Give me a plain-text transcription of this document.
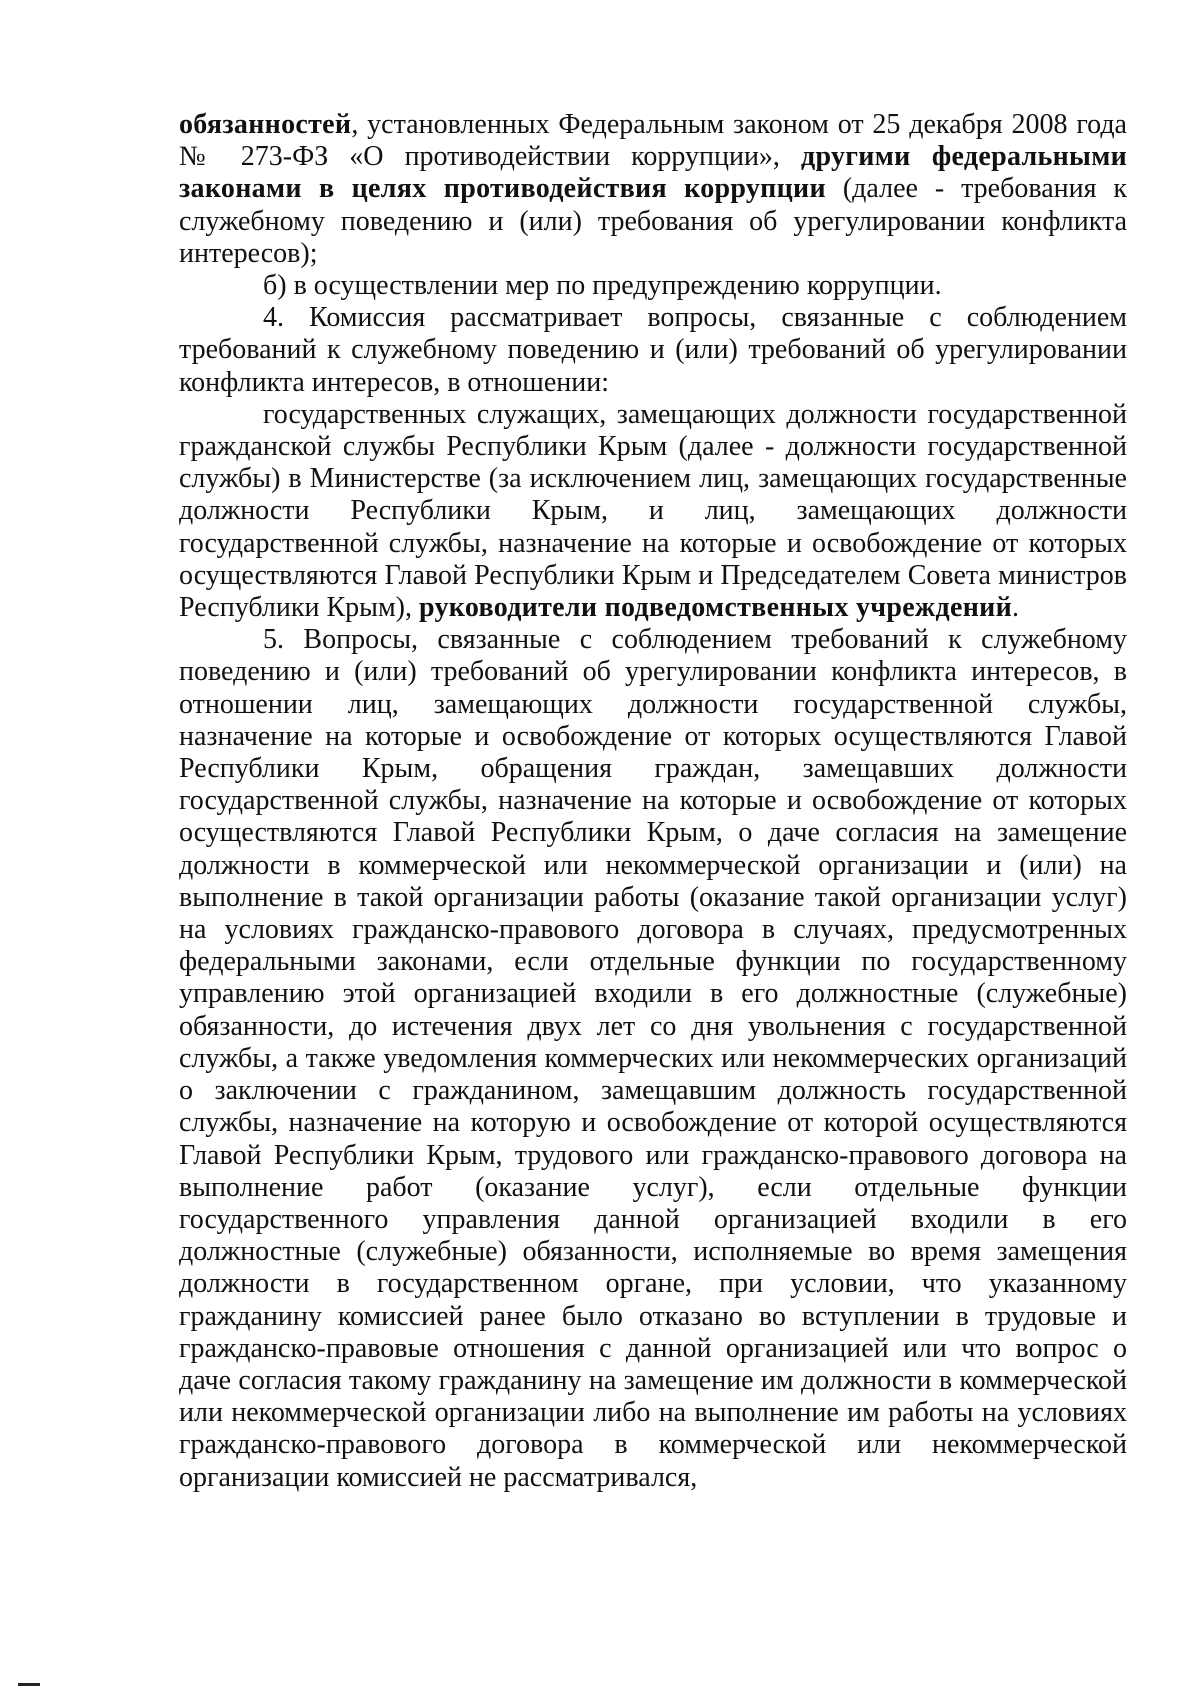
обязанностей, установленных Федеральным законом от 25 декабря 2008 года № 273-ФЗ «О противодействии коррупции», другими федеральными законами в целях противодействия коррупции (далее - требования к служебному поведению и (или) требования об урегулировании конфликта интересов);

б) в осуществлении мер по предупреждению коррупции.

4. Комиссия рассматривает вопросы, связанные с соблюдением требований к служебному поведению и (или) требований об урегулировании конфликта интересов, в отношении:

государственных служащих, замещающих должности государственной гражданской службы Республики Крым (далее - должности государственной службы) в Министерстве (за исключением лиц, замещающих государственные должности Республики Крым, и лиц, замещающих должности государственной службы, назначение на которые и освобождение от которых осуществляются Главой Республики Крым и Председателем Совета министров Республики Крым), руководители подведомственных учреждений.

5. Вопросы, связанные с соблюдением требований к служебному поведению и (или) требований об урегулировании конфликта интересов, в отношении лиц, замещающих должности государственной службы, назначение на которые и освобождение от которых осуществляются Главой Республики Крым, обращения граждан, замещавших должности государственной службы, назначение на которые и освобождение от которых осуществляются Главой Республики Крым, о даче согласия на замещение должности в коммерческой или некоммерческой организации и (или) на выполнение в такой организации работы (оказание такой организации услуг) на условиях гражданско-правового договора в случаях, предусмотренных федеральными законами, если отдельные функции по государственному управлению этой организацией входили в его должностные (служебные) обязанности, до истечения двух лет со дня увольнения с государственной службы, а также уведомления коммерческих или некоммерческих организаций о заключении с гражданином, замещавшим должность государственной службы, назначение на которую и освобождение от которой осуществляются Главой Республики Крым, трудового или гражданско-правового договора на выполнение работ (оказание услуг), если отдельные функции государственного управления данной организацией входили в его должностные (служебные) обязанности, исполняемые во время замещения должности в государственном органе, при условии, что указанному гражданину комиссией ранее было отказано во вступлении в трудовые и гражданско-правовые отношения с данной организацией или что вопрос о даче согласия такому гражданину на замещение им должности в коммерческой или некоммерческой организации либо на выполнение им работы на условиях гражданско-правового договора в коммерческой или некоммерческой организации комиссией не рассматривался,
